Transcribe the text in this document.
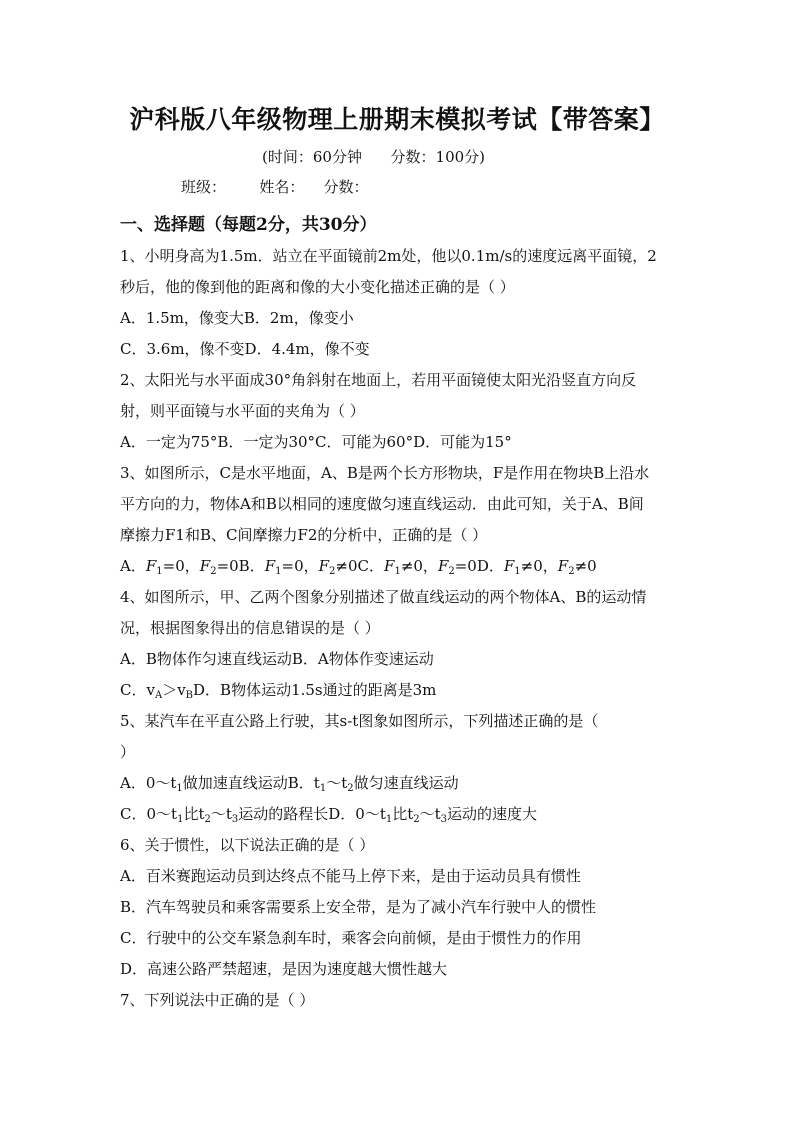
沪科版八年级物理上册期末模拟考试【带答案】
(时间：60分钟      分数：100分)
班级：       姓名：    分数：
一、选择题（每题2分，共30分）
1、小明身高为1.5m．站立在平面镜前2m处，他以0.1m/s的速度远离平面镜，2
秒后，他的像到他的距离和像的大小变化描述正确的是（ ）
A．1.5m，像变大B．2m，像变小
C．3.6m，像不变D．4.4m，像不变
2、太阳光与水平面成30°角斜射在地面上，若用平面镜使太阳光沿竖直方向反
射，则平面镜与水平面的夹角为（ ）
A．一定为75°B．一定为30°C．可能为60°D．可能为15°
3、如图所示，C是水平地面，A、B是两个长方形物块，F是作用在物块B上沿水
平方向的力，物体A和B以相同的速度做匀速直线运动．由此可知，关于A、B间
摩擦力F1和B、C间摩擦力F2的分析中，正确的是（ ）
A．$F_1=0$，$F_2=0B$．$F_1=0$，$F_2\ne 0C$．$F_1\ne 0$，$F_2=0D$．$F_1\ne 0$，$F_2\ne 0$
4、如图所示，甲、乙两个图象分别描述了做直线运动的两个物体A、B的运动情
况，根据图象得出的信息错误的是（ ）
A．B物体作匀速直线运动B．A物体作变速运动
C．$v_A>v_BD$．B物体运动1.5s通过的距离是3m
5、某汽车在平直公路上行驶，其s-t图象如图所示，下列描述正确的是（
）
A．$0\sim t_1$做加速直线运动B．$t_1\sim t_2$做匀速直线运动
C．$0\sim t_1$比$t_2\sim t_3$运动的路程长D．$0\sim t_1$比$t_2\sim t_3$运动的速度大
6、关于惯性，以下说法正确的是（ ）
A．百米赛跑运动员到达终点不能马上停下来，是由于运动员具有惯性
B．汽车驾驶员和乘客需要系上安全带，是为了减小汽车行驶中人的惯性
C．行驶中的公交车紧急刹车时，乘客会向前倾，是由于惯性力的作用
D．高速公路严禁超速，是因为速度越大惯性越大
7、下列说法中正确的是（ ）
